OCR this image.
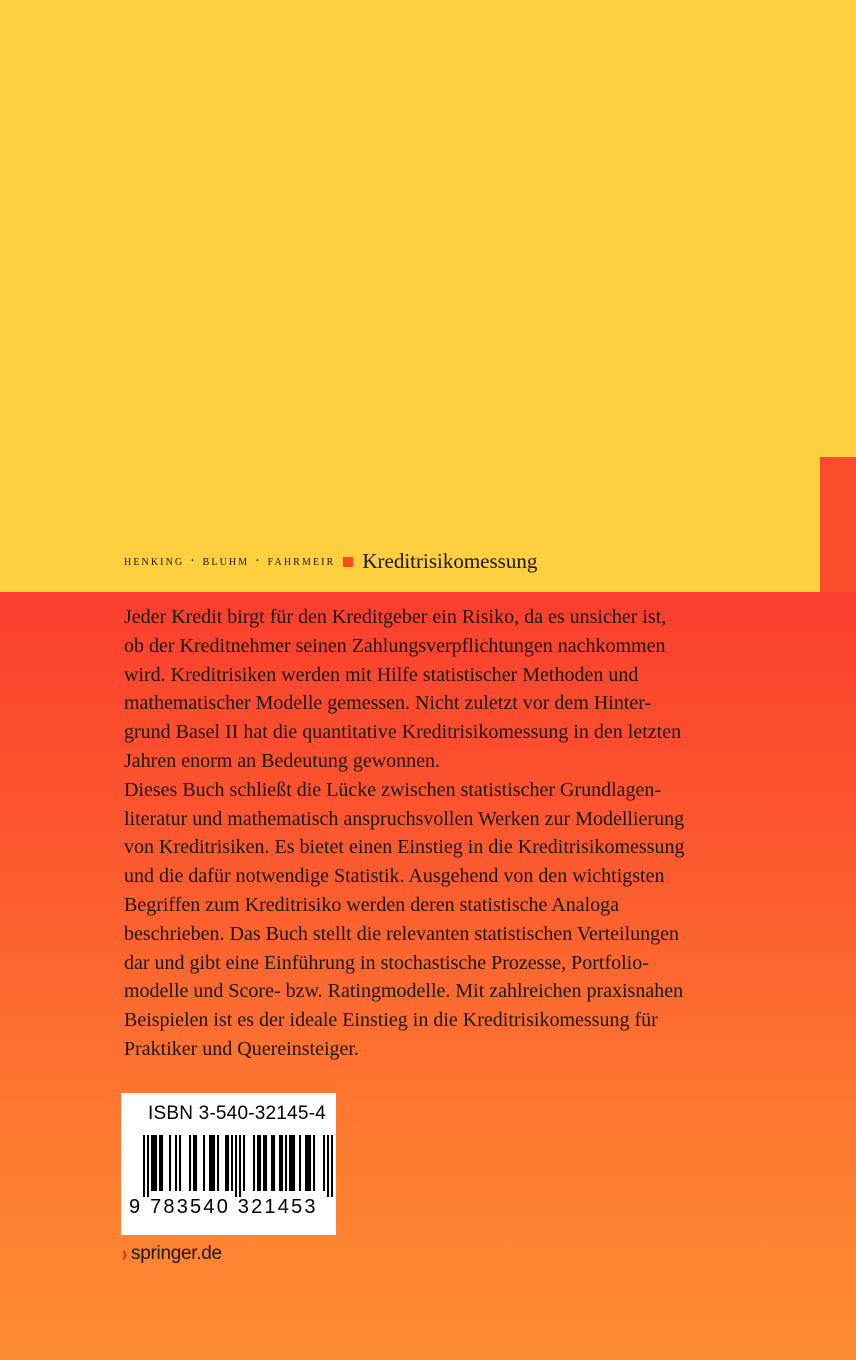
henking · bluhm · fahrmeir Kreditrisikomessung

Jeder Kredit birgt für den Kreditgeber ein Risiko, da es unsicher ist,
ob der Kreditnehmer seinen Zahlungsverpflichtungen nachkommen
wird. Kreditrisiken werden mit Hilfe statistischer Methoden und
mathematischer Modelle gemessen. Nicht zuletzt vor dem Hinter-
grund Basel II hat die quantitative Kreditrisikomessung in den letzten
Jahren enorm an Bedeutung gewonnen.

Dieses Buch schließt die Lücke zwischen statistischer Grundlagen-
literatur und mathematisch anspruchsvollen Werken zur Modellierung
von Kreditrisiken. Es bietet einen Einstieg in die Kreditrisikomessung
und die dafür notwendige Statistik. Ausgehend von den wichtigsten
Begriffen zum Kreditrisiko werden deren statistische Analoga
beschrieben. Das Buch stellt die relevanten statistischen Verteilungen
dar und gibt eine Einführung in stochastische Prozesse, Portfolio-
modelle und Score- bzw. Ratingmodelle. Mit zahlreichen praxisnahen
Beispielen ist es der ideale Einstieg in die Kreditrisikomessung für
Praktiker und Quereinsteiger.

ISBN 3-540-32145-4
9 783540 321453
› springer.de
